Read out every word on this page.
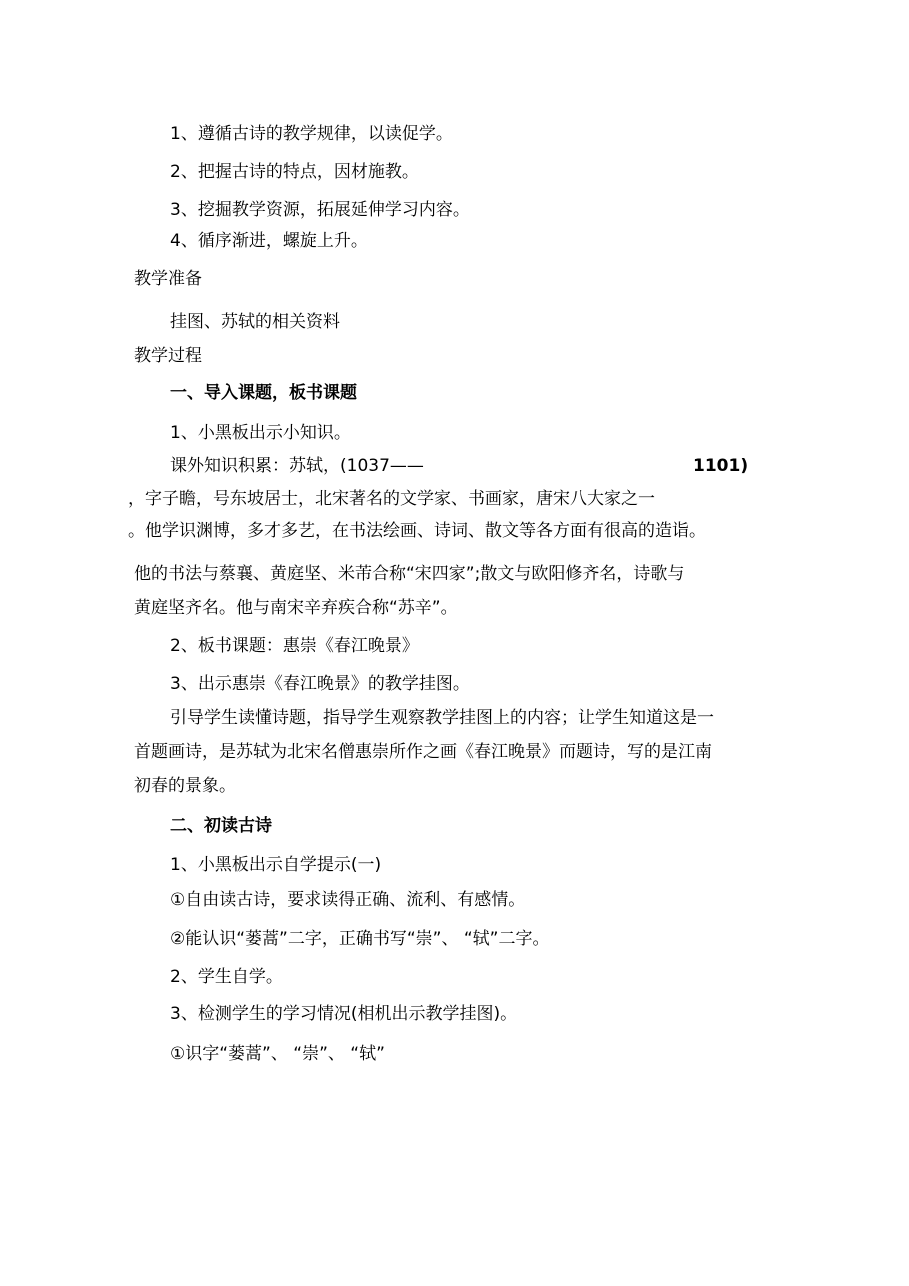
1、遵循古诗的教学规律，以读促学。
2、把握古诗的特点，因材施教。
3、挖掘教学资源，拓展延伸学习内容。
4、循序渐进，螺旋上升。
教学准备
挂图、苏轼的相关资料
教学过程
一、导入课题，板书课题
1、小黑板出示小知识。
课外知识积累：苏轼，(1037——	1101)
，字子瞻，号东坡居士，北宋著名的文学家、书画家，唐宋八大家之一
。他学识渊博，多才多艺，在书法绘画、诗词、散文等各方面有很高的造诣。
他的书法与蔡襄、黄庭坚、米芾合称“宋四家”;散文与欧阳修齐名，诗歌与
黄庭坚齐名。他与南宋辛弃疾合称“苏辛”。
2、板书课题：惠崇《春江晚景》
3、出示惠崇《春江晚景》的教学挂图。
引导学生读懂诗题，指导学生观察教学挂图上的内容；让学生知道这是一
首题画诗，是苏轼为北宋名僧惠崇所作之画《春江晚景》而题诗，写的是江南
初春的景象。
二、初读古诗
1、小黑板出示自学提示(一)
①自由读古诗，要求读得正确、流利、有感情。
②能认识“蒌蒿”二字，正确书写“崇”、 “轼”二字。
2、学生自学。
3、检测学生的学习情况(相机出示教学挂图)。
①识字“蒌蒿”、 “崇”、 “轼”
